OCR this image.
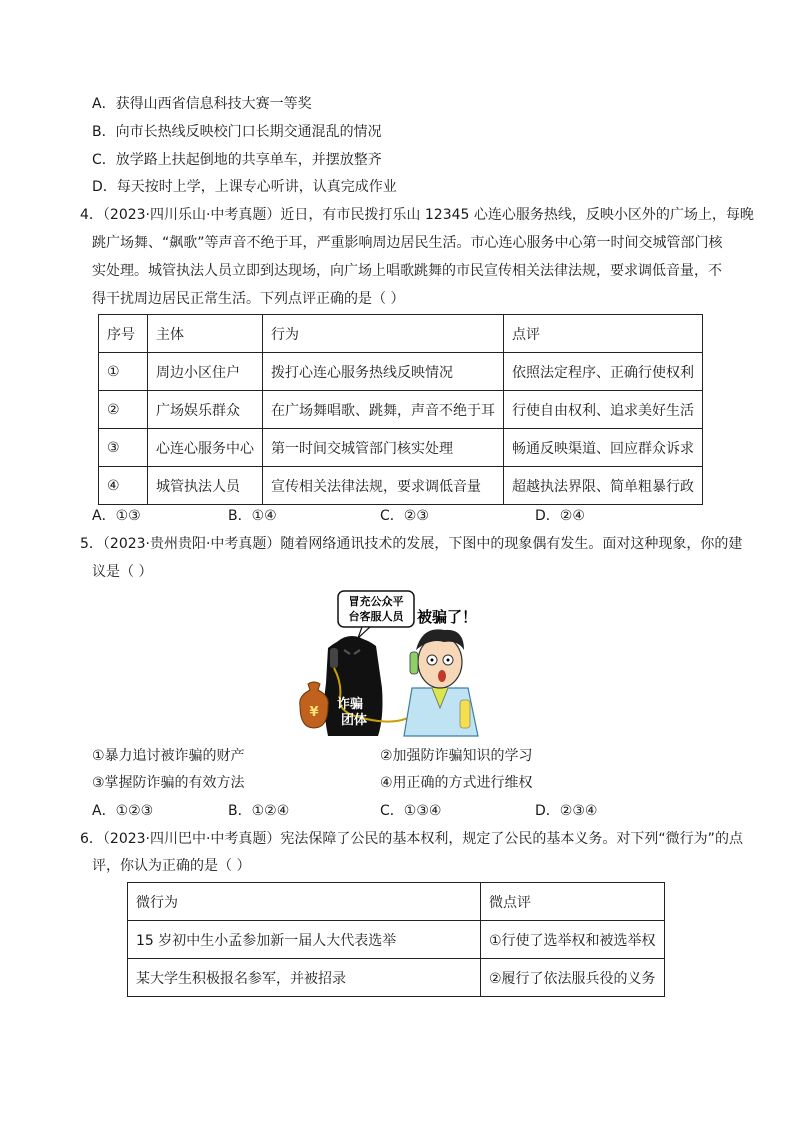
A．获得山西省信息科技大赛一等奖
B．向市长热线反映校门口长期交通混乱的情况
C．放学路上扶起倒地的共享单车，并摆放整齐
D．每天按时上学，上课专心听讲，认真完成作业
4．（2023·四川乐山·中考真题）近日，有市民拨打乐山 12345 心连心服务热线，反映小区外的广场上，每晚
跳广场舞、“飙歌”等声音不绝于耳，严重影响周边居民生活。市心连心服务中心第一时间交城管部门核
实处理。城管执法人员立即到达现场，向广场上唱歌跳舞的市民宣传相关法律法规，要求调低音量，不
得干扰周边居民正常生活。下列点评正确的是（ ）
序号	主体	行为	点评
①	周边小区住户	拨打心连心服务热线反映情况	依照法定程序、正确行使权利
②	广场娱乐群众	在广场舞唱歌、跳舞，声音不绝于耳	行使自由权利、追求美好生活
③	心连心服务中心	第一时间交城管部门核实处理	畅通反映渠道、回应群众诉求
④	城管执法人员	宣传相关法律法规，要求调低音量	超越执法界限、简单粗暴行政
A．①③	B．①④	C．②③	D．②④
5．（2023·贵州贵阳·中考真题）随着网络通讯技术的发展，下图中的现象偶有发生。面对这种现象，你的建
议是（ ）
冒充公众平
台客服人员 被骗了！
¥
诈骗
团体
①暴力追讨被诈骗的财产	②加强防诈骗知识的学习
③掌握防诈骗的有效方法	④用正确的方式进行维权
A．①②③	B．①②④	C．①③④	D．②③④
6．（2023·四川巴中·中考真题）宪法保障了公民的基本权利，规定了公民的基本义务。对下列“微行为”的点
评，你认为正确的是（ ）
微行为	微点评
15 岁初中生小孟参加新一届人大代表选举	①行使了选举权和被选举权
某大学生积极报名参军，并被招录	②履行了依法服兵役的义务
